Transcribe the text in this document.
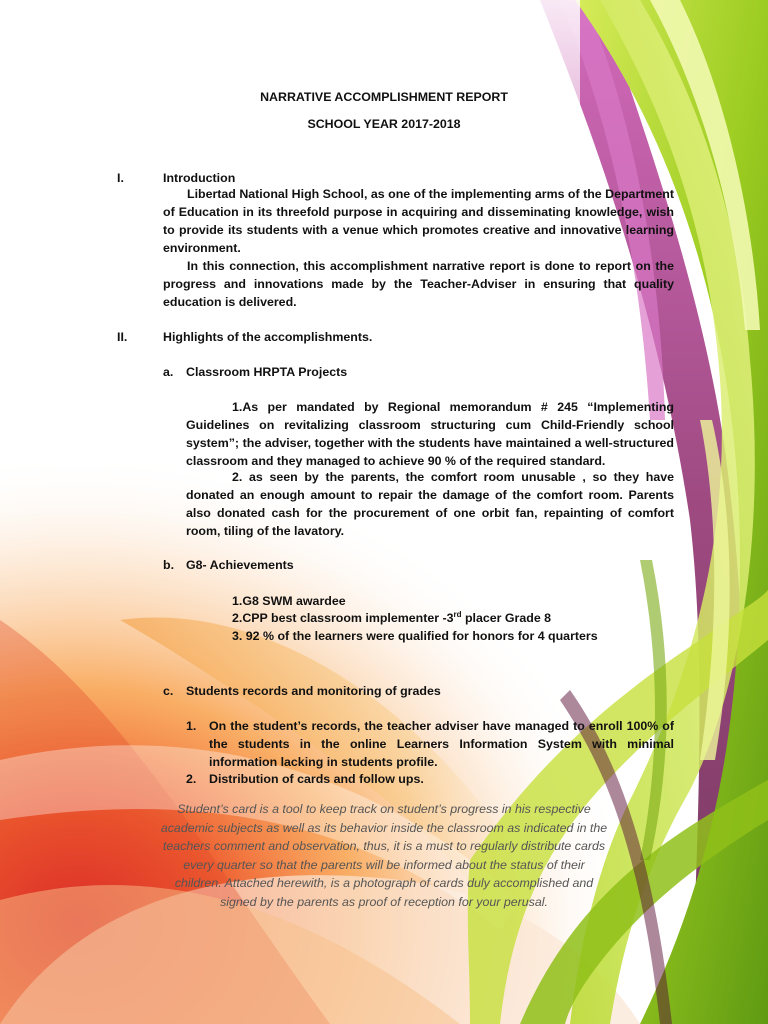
NARRATIVE ACCOMPLISHMENT REPORT
SCHOOL YEAR 2017-2018
I.	Introduction
Libertad National High School, as one of the implementing arms of the Department of Education in its threefold purpose in acquiring and disseminating knowledge, wish to provide its students with a venue which promotes creative and innovative learning environment.
In this connection, this accomplishment narrative report is done to report on the progress and innovations made by the Teacher-Adviser in ensuring that quality education is delivered.
II.	Highlights of the accomplishments.
a. Classroom HRPTA Projects
1.As per mandated by Regional memorandum # 245 “Implementing Guidelines on revitalizing classroom structuring cum Child-Friendly school system”; the adviser, together with the students have maintained a well-structured classroom and they managed to achieve 90 % of the required standard.
2. as seen by the parents, the comfort room unusable , so they have donated an enough amount to repair the damage of the comfort room. Parents also donated cash for the procurement of one orbit fan, repainting of comfort room, tiling of the lavatory.
b. G8- Achievements
1.G8 SWM awardee
2.CPP best classroom implementer -3rd placer Grade 8
3. 92 % of the learners were qualified for honors for 4 quarters
c. Students records and monitoring of grades
1. On the student’s records, the teacher adviser have managed to enroll 100% of the students in the online Learners Information System with minimal information lacking in students profile.
2. Distribution of cards and follow ups.
Student’s card is a tool to keep track on student’s progress in his respective
academic subjects as well as its behavior inside the classroom as indicated in the
teachers comment and observation, thus, it is a must to regularly distribute cards
every quarter so that the parents will be informed about the status of their
children. Attached herewith, is a photograph of cards duly accomplished and
signed by the parents as proof of reception for your perusal.
